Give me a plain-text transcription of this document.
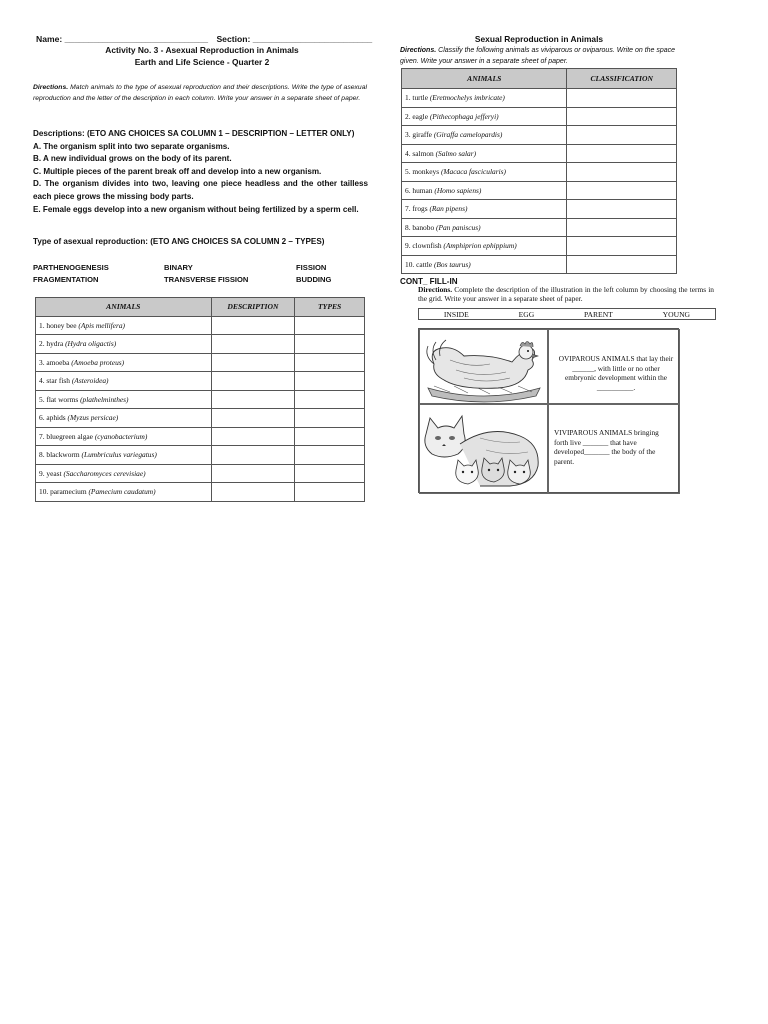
Name: ______________________________ Section: _________________________
Activity No. 3 - Asexual Reproduction in Animals
Earth and Life Science - Quarter 2
Directions. Match animals to the type of asexual reproduction and their descriptions. Write the type of asexual reproduction and the letter of the description in each column. Write your answer in a separate sheet of paper.
Descriptions: (ETO ANG CHOICES SA COLUMN 1 – DESCRIPTION – LETTER ONLY)
A. The organism split into two separate organisms.
B. A new individual grows on the body of its parent.
C. Multiple pieces of the parent break off and develop into a new organism.
D. The organism divides into two, leaving one piece headless and the other tailless each piece grows the missing body parts.
E. Female eggs develop into a new organism without being fertilized by a sperm cell.
Type of asexual reproduction: (ETO ANG CHOICES SA COLUMN 2 – TYPES)
PARTHENOGENESIS	BINARY	FISSION
FRAGMENTATION	TRANSVERSE FISSION	BUDDING
ANIMALS	DESCRIPTION	TYPES
1. honey bee (Apis mellifera)		
2. hydra (Hydra oligactis)		
3. amoeba (Amoeba proteus)		
4. star fish (Asteroidea)		
5. flat worms (plathelminthes)		
6. aphids (Myzus persicae)		
7. bluegreen algae (cyanobacterium)		
8. blackworm (Lumbriculus variegatus)		
9. yeast (Saccharomyces cerevisiae)		
10. paramecium (Pamecium caudatum)		
Sexual Reproduction in Animals
Directions. Classify the following animals as viviparous or oviparous. Write on the space given. Write your answer in a separate sheet of paper.
ANIMALS	CLASSIFICATION
1. turtle (Eretmochelys imbricate)	
2. eagle (Pithecophaga jefferyi)	
3. giraffe (Giraffa camelopardis)	
4. salmon (Salmo salar)	
5. monkeys (Macaca fascicularis)	
6. human (Homo sapiens)	
7. frogs (Ran pipens)	
8. banobo (Pan paniscus)	
9. clownfish (Amphiprion ephippium)	
10. cattle (Bos taurus)	
CONT_ FILL-IN
Directions. Complete the description of the illustration in the left column by choosing the terms in the grid. Write your answer in a separate sheet of paper.
INSIDE	EGG	PARENT	YOUNG
OVIPAROUS ANIMALS that lay their ______, with little or no other embryonic development within the __________.
VIVIPAROUS ANIMALS bringing forth live _______ that have developed_______ the body of the parent.
